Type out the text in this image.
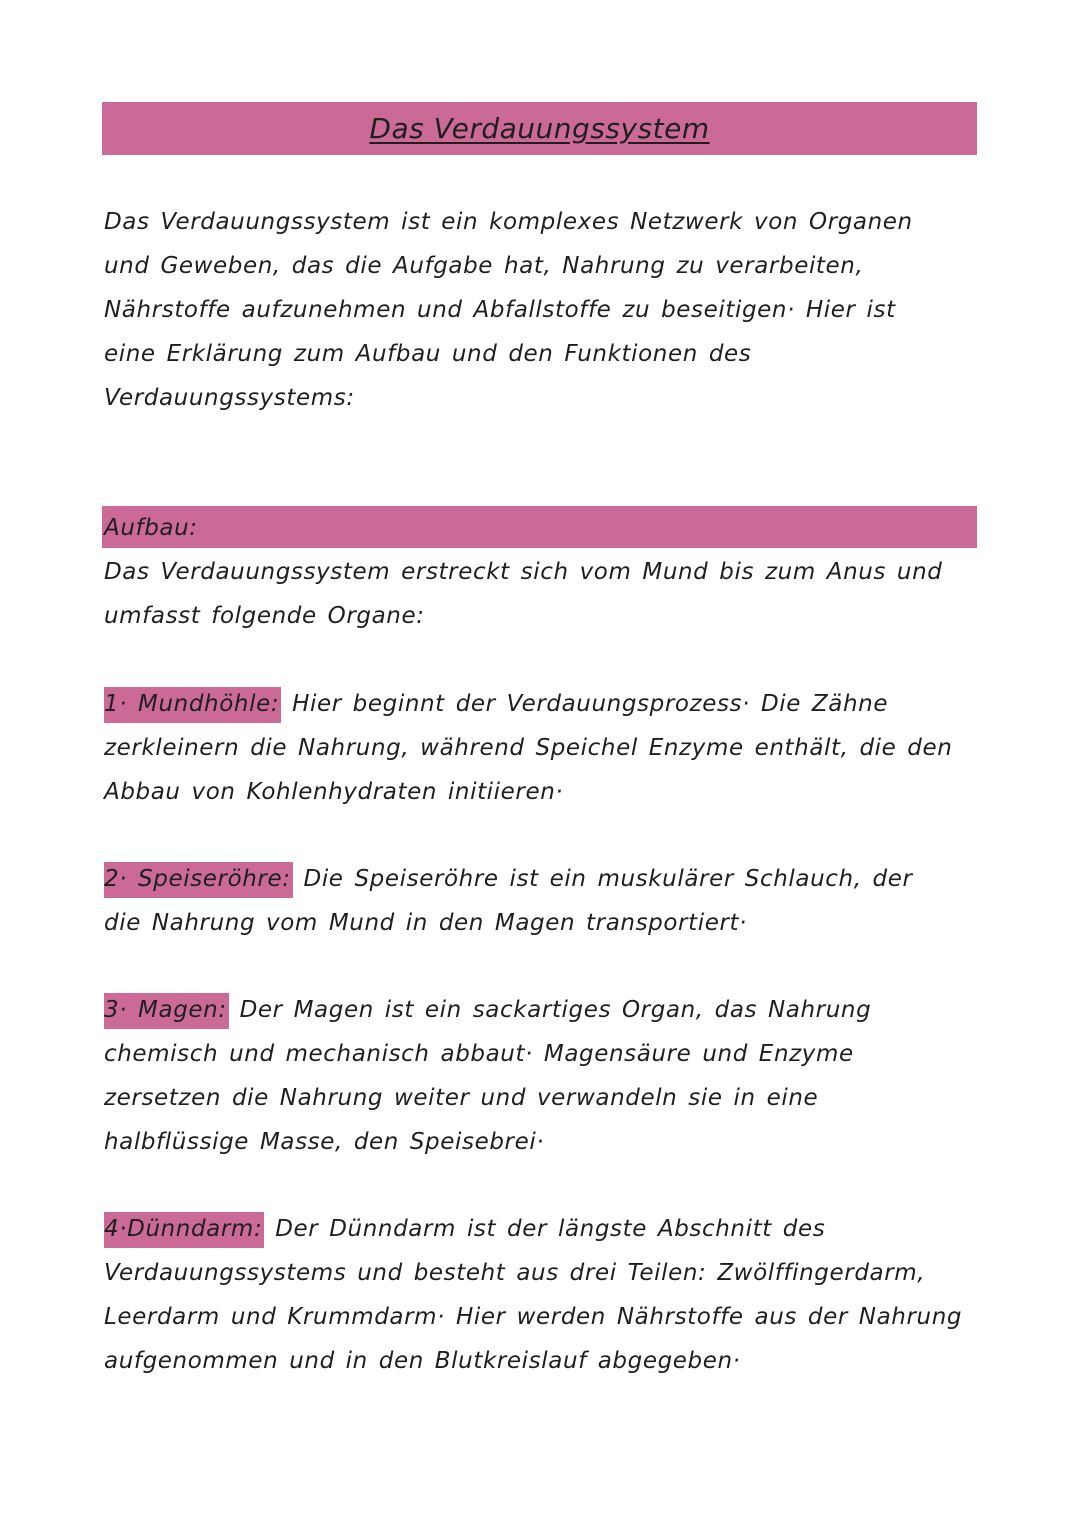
Das Verdauungssystem

Das Verdauungssystem ist ein komplexes Netzwerk von Organen und Geweben, das die Aufgabe hat, Nahrung zu verarbeiten, Nährstoffe aufzunehmen und Abfallstoffe zu beseitigen· Hier ist eine Erklärung zum Aufbau und den Funktionen des Verdauungssystems:

Aufbau:

Das Verdauungssystem erstreckt sich vom Mund bis zum Anus und umfasst folgende Organe:

1· Mundhöhle: Hier beginnt der Verdauungsprozess· Die Zähne zerkleinern die Nahrung, während Speichel Enzyme enthält, die den Abbau von Kohlenhydraten initiieren·

2· Speiseröhre: Die Speiseröhre ist ein muskulärer Schlauch, der die Nahrung vom Mund in den Magen transportiert·

3· Magen: Der Magen ist ein sackartiges Organ, das Nahrung chemisch und mechanisch abbaut· Magensäure und Enzyme zersetzen die Nahrung weiter und verwandeln sie in eine halbflüssige Masse, den Speisebrei·

4·Dünndarm: Der Dünndarm ist der längste Abschnitt des Verdauungssystems und besteht aus drei Teilen: Zwölffingerdarm, Leerdarm und Krummdarm· Hier werden Nährstoffe aus der Nahrung aufgenommen und in den Blutkreislauf abgegeben·
